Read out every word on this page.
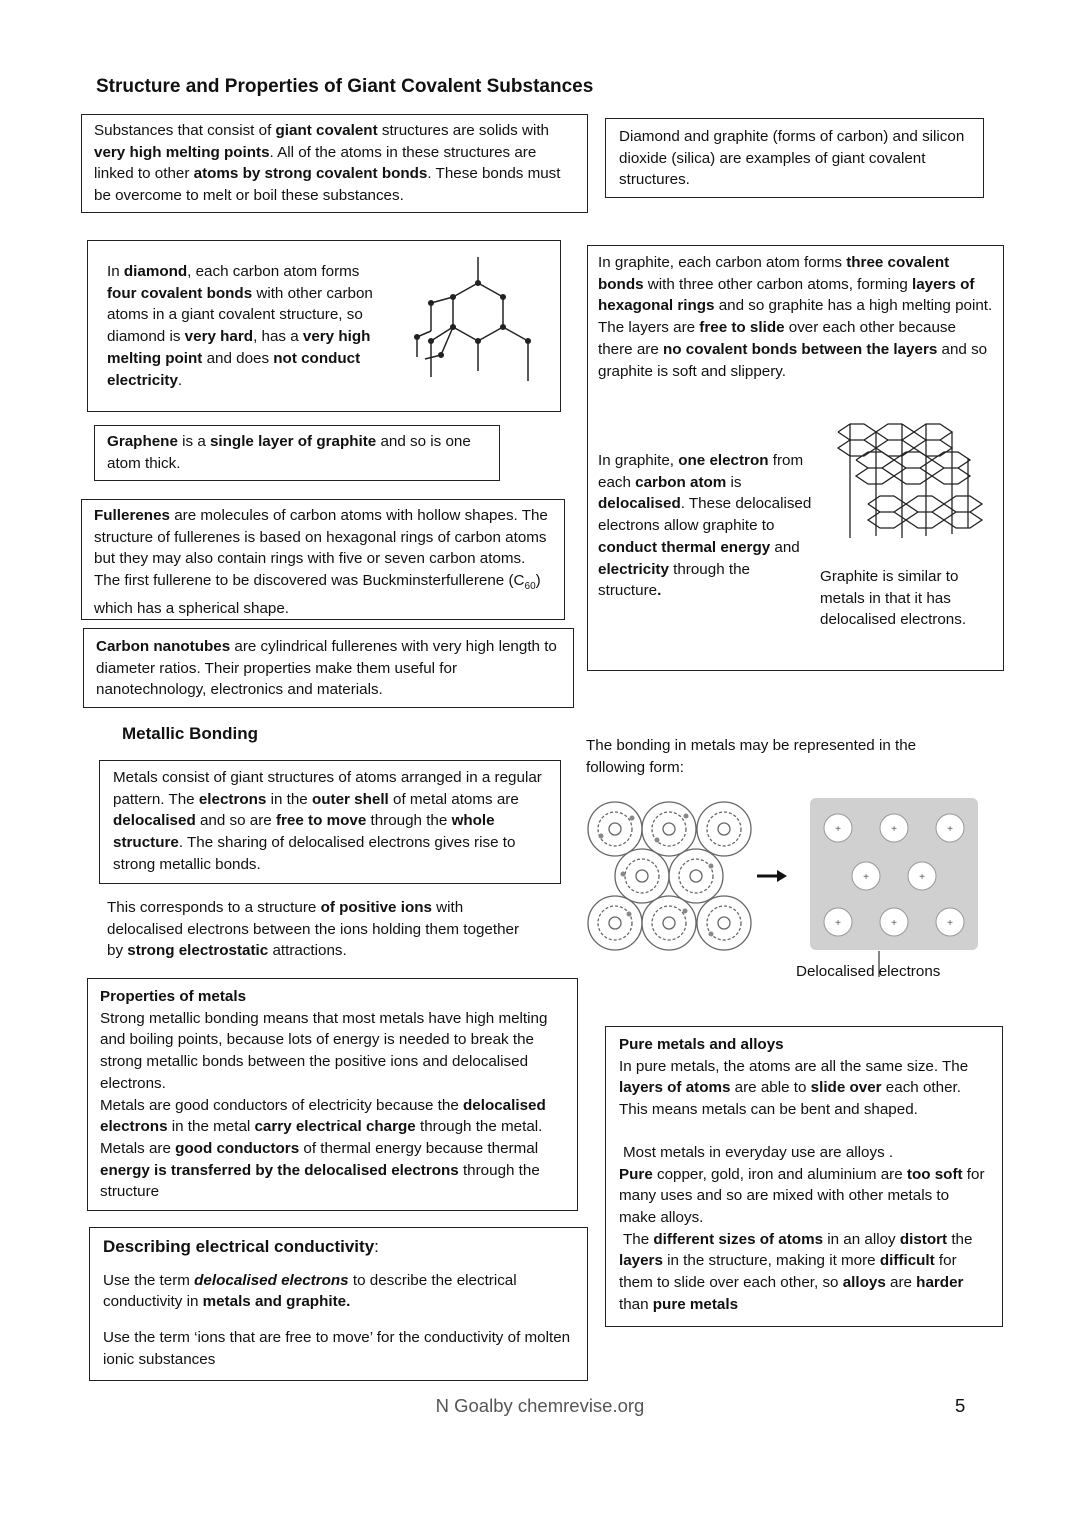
Structure and Properties of Giant Covalent Substances
Substances that consist of giant covalent structures are solids with very high melting points. All of the atoms in these structures are linked to other atoms by strong covalent bonds. These bonds must be overcome to melt or boil these substances.
Diamond and graphite (forms of carbon) and silicon dioxide (silica) are examples of giant covalent structures.
In diamond, each carbon atom forms four covalent bonds with other carbon atoms in a giant covalent structure, so diamond is very hard, has a very high melting point and does not conduct electricity.
In graphite, each carbon atom forms three covalent bonds with three other carbon atoms, forming layers of hexagonal rings and so graphite has a high melting point.
The layers are free to slide over each other because there are no covalent bonds between the layers and so graphite is soft and slippery.
In graphite, one electron from each carbon atom is delocalised. These delocalised electrons allow graphite to conduct thermal energy and electricity through the structure.
Graphite is similar to metals in that it has delocalised electrons.
Graphene is a single layer of graphite and so is one atom thick.
Fullerenes are molecules of carbon atoms with hollow shapes. The structure of fullerenes is based on hexagonal rings of carbon atoms but they may also contain rings with five or seven carbon atoms. The first fullerene to be discovered was Buckminsterfullerene $(C_{60})$ which has a spherical shape.
Carbon nanotubes are cylindrical fullerenes with very high length to diameter ratios. Their properties make them useful for nanotechnology, electronics and materials.
Metallic Bonding
Metals consist of giant structures of atoms arranged in a regular pattern. The electrons in the outer shell of metal atoms are delocalised and so are free to move through the whole structure. The sharing of delocalised electrons gives rise to strong metallic bonds.
The bonding in metals may be represented in the following form:
+	+	+
+	+
+	+	+
Delocalised electrons
This corresponds to a structure of positive ions with delocalised electrons between the ions holding them together by strong electrostatic attractions.
Properties of metals
Strong metallic bonding means that most metals have high melting and boiling points, because lots of energy is needed to break the strong metallic bonds between the positive ions and delocalised electrons.
Metals are good conductors of electricity because the delocalised electrons in the metal carry electrical charge through the metal. Metals are good conductors of thermal energy because thermal energy is transferred by the delocalised electrons through the structure
Pure metals and alloys
In pure metals, the atoms are all the same size. The layers of atoms are able to slide over each other. This means metals can be bent and shaped.
Most metals in everyday use are alloys .
Pure copper, gold, iron and aluminium are too soft for many uses and so are mixed with other metals to make alloys.
The different sizes of atoms in an alloy distort the layers in the structure, making it more difficult for them to slide over each other, so alloys are harder than pure metals
Describing electrical conductivity:
Use the term delocalised electrons to describe the electrical conductivity in metals and graphite.
Use the term ‘ions that are free to move’ for the conductivity of molten ionic substances
N Goalby chemrevise.org	5
